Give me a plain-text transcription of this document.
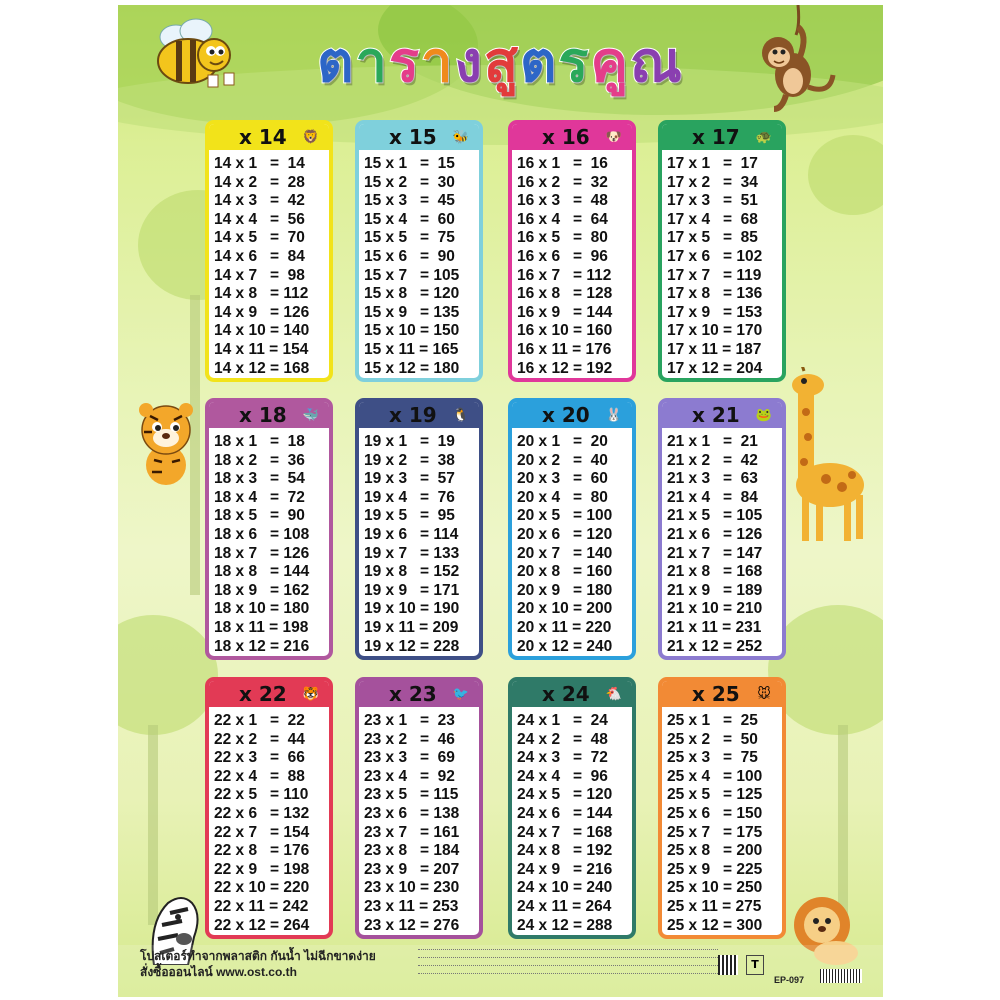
ตารางสูตรคูณ
โปสเตอร์ทำจากพลาสติก กันน้ำ ไม่ฉีกขาดง่าย
สั่งซื้อออนไลน์ www.ost.co.th
T
EP-097
x 14 🦁
14 x 1   =  14
14 x 2   =  28
14 x 3   =  42
14 x 4   =  56
14 x 5   =  70
14 x 6   =  84
14 x 7   =  98
14 x 8   = 112
14 x 9   = 126
14 x 10 = 140
14 x 11 = 154
14 x 12 = 168
x 15 🐝
15 x 1   =  15
15 x 2   =  30
15 x 3   =  45
15 x 4   =  60
15 x 5   =  75
15 x 6   =  90
15 x 7   = 105
15 x 8   = 120
15 x 9   = 135
15 x 10 = 150
15 x 11 = 165
15 x 12 = 180
x 16 🐶
16 x 1   =  16
16 x 2   =  32
16 x 3   =  48
16 x 4   =  64
16 x 5   =  80
16 x 6   =  96
16 x 7   = 112
16 x 8   = 128
16 x 9   = 144
16 x 10 = 160
16 x 11 = 176
16 x 12 = 192
x 17 🐢
17 x 1   =  17
17 x 2   =  34
17 x 3   =  51
17 x 4   =  68
17 x 5   =  85
17 x 6   = 102
17 x 7   = 119
17 x 8   = 136
17 x 9   = 153
17 x 10 = 170
17 x 11 = 187
17 x 12 = 204
x 18 🐳
18 x 1   =  18
18 x 2   =  36
18 x 3   =  54
18 x 4   =  72
18 x 5   =  90
18 x 6   = 108
18 x 7   = 126
18 x 8   = 144
18 x 9   = 162
18 x 10 = 180
18 x 11 = 198
18 x 12 = 216
x 19 🐧
19 x 1   =  19
19 x 2   =  38
19 x 3   =  57
19 x 4   =  76
19 x 5   =  95
19 x 6   = 114
19 x 7   = 133
19 x 8   = 152
19 x 9   = 171
19 x 10 = 190
19 x 11 = 209
19 x 12 = 228
x 20 🐰
20 x 1   =  20
20 x 2   =  40
20 x 3   =  60
20 x 4   =  80
20 x 5   = 100
20 x 6   = 120
20 x 7   = 140
20 x 8   = 160
20 x 9   = 180
20 x 10 = 200
20 x 11 = 220
20 x 12 = 240
x 21 🐸
21 x 1   =  21
21 x 2   =  42
21 x 3   =  63
21 x 4   =  84
21 x 5   = 105
21 x 6   = 126
21 x 7   = 147
21 x 8   = 168
21 x 9   = 189
21 x 10 = 210
21 x 11 = 231
21 x 12 = 252
x 22 🐯
22 x 1   =  22
22 x 2   =  44
22 x 3   =  66
22 x 4   =  88
22 x 5   = 110
22 x 6   = 132
22 x 7   = 154
22 x 8   = 176
22 x 9   = 198
22 x 10 = 220
22 x 11 = 242
22 x 12 = 264
x 23 🐦
23 x 1   =  23
23 x 2   =  46
23 x 3   =  69
23 x 4   =  92
23 x 5   = 115
23 x 6   = 138
23 x 7   = 161
23 x 8   = 184
23 x 9   = 207
23 x 10 = 230
23 x 11 = 253
23 x 12 = 276
x 24 🐔
24 x 1   =  24
24 x 2   =  48
24 x 3   =  72
24 x 4   =  96
24 x 5   = 120
24 x 6   = 144
24 x 7   = 168
24 x 8   = 192
24 x 9   = 216
24 x 10 = 240
24 x 11 = 264
24 x 12 = 288
x 25 🐭
25 x 1   =  25
25 x 2   =  50
25 x 3   =  75
25 x 4   = 100
25 x 5   = 125
25 x 6   = 150
25 x 7   = 175
25 x 8   = 200
25 x 9   = 225
25 x 10 = 250
25 x 11 = 275
25 x 12 = 300
